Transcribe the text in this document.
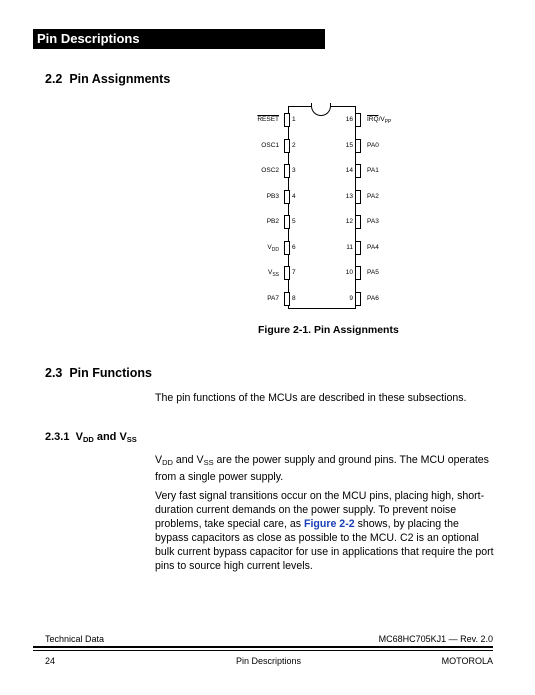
Pin Descriptions
2.2 Pin Assignments
1
RESET
2
OSC1
3
OSC2
4
PB3
5
PB2
6
$V_{DD}$
7
$V_{SS}$
8
PA7
16 $\overline{IRQ}/V_{PP}$
15 PA0
14 PA1
13 PA2
12 PA3
11 PA4
10 PA5
9 PA6
Figure 2-1. Pin Assignments
2.3 Pin Functions
The pin functions of the MCUs are described in these subsections.
2.3.1 $V_{DD}$ and $V_{SS}$
$V_{DD}$ and $V_{SS}$ are the power supply and ground pins. The MCU operates from a single power supply.
Very fast signal transitions occur on the MCU pins, placing high, short-duration current demands on the power supply. To prevent noise problems, take special care, as Figure 2-2 shows, by placing the bypass capacitors as close as possible to the MCU. C2 is an optional bulk current bypass capacitor for use in applications that require the port pins to source high current levels.
Technical Data	MC68HC705KJ1 — Rev. 2.0
24	Pin Descriptions	MOTOROLA
